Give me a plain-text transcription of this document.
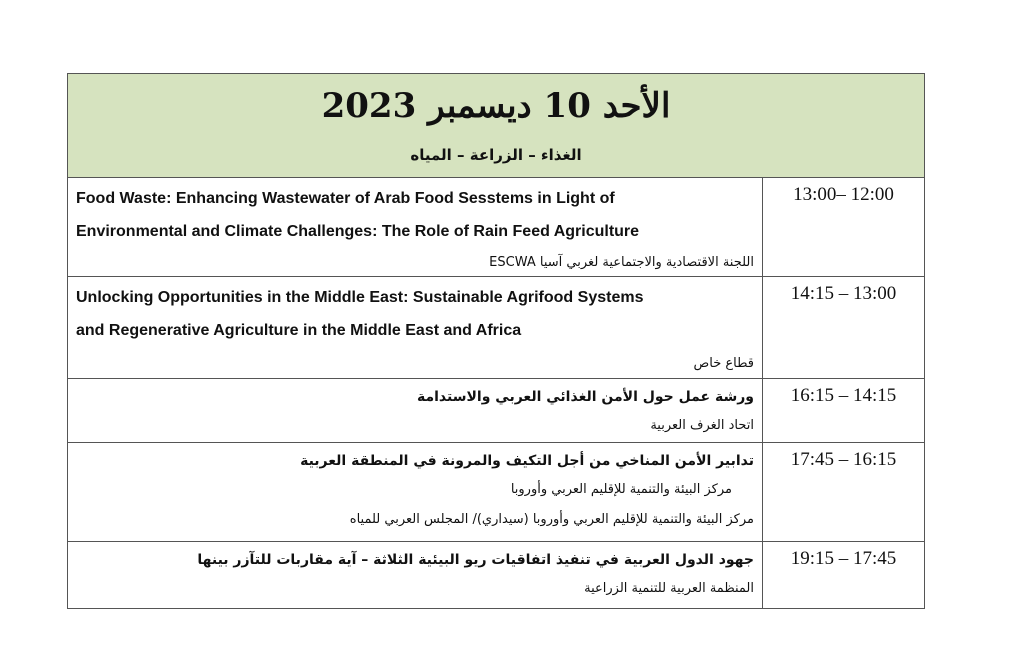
الأحد 10 ديسمبر 2023
الغذاء – الزراعة – المياه
Food Waste: Enhancing Wastewater of Arab Food Sesstems in Light of
Environmental and Climate Challenges: The Role of Rain Feed Agriculture
اللجنة الاقتصادية والاجتماعية لغربي آسيا ESCWA
13:00– 12:00
Unlocking Opportunities in the Middle East: Sustainable Agrifood Systems
and Regenerative Agriculture in the Middle East and Africa
قطاع خاص
14:15 – 13:00
ورشة عمل حول الأمن الغذائي العربي والاستدامة
اتحاد الغرف العربية
16:15 – 14:15
تدابير الأمن المناخي من أجل التكيف والمرونة في المنطقة العربية
مركز البيئة والتنمية للإقليم العربي وأوروبا
مركز البيئة والتنمية للإقليم العربي وأوروبا (سيداري)/ المجلس العربي للمياه
17:45 – 16:15
جهود الدول العربية في تنفيذ اتفاقيات ريو البيئية الثلاثة – آية مقاربات للتآزر بينها
المنظمة العربية للتنمية الزراعية
19:15 – 17:45
